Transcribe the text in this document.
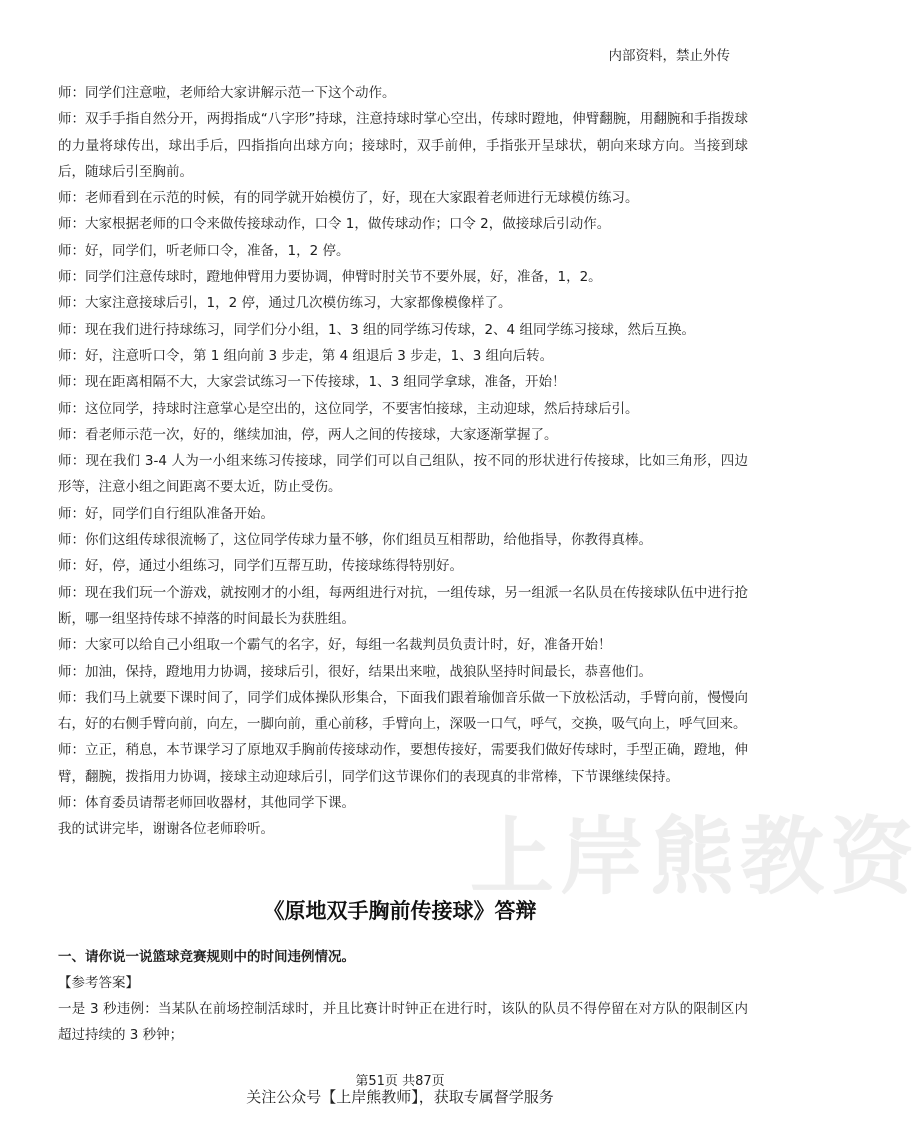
上岸熊教资
内部资料，禁止外传

师：同学们注意啦，老师给大家讲解示范一下这个动作。

师：双手手指自然分开，两拇指成“八字形”持球，注意持球时掌心空出，传球时蹬地，伸臂翻腕，用翻腕和手指拨球的力量将球传出，球出手后，四指指向出球方向；接球时，双手前伸，手指张开呈球状，朝向来球方向。当接到球后，随球后引至胸前。

师：老师看到在示范的时候，有的同学就开始模仿了，好，现在大家跟着老师进行无球模仿练习。

师：大家根据老师的口令来做传接球动作，口令 1，做传球动作；口令 2，做接球后引动作。

师：好，同学们，听老师口令，准备，1，2 停。

师：同学们注意传球时，蹬地伸臂用力要协调，伸臂时肘关节不要外展，好，准备，1，2。

师：大家注意接球后引，1，2 停，通过几次模仿练习，大家都像模像样了。

师：现在我们进行持球练习，同学们分小组，1、3 组的同学练习传球，2、4 组同学练习接球，然后互换。

师：好，注意听口令，第 1 组向前 3 步走，第 4 组退后 3 步走，1、3 组向后转。

师：现在距离相隔不大，大家尝试练习一下传接球，1、3 组同学拿球，准备，开始！

师：这位同学，持球时注意掌心是空出的，这位同学，不要害怕接球，主动迎球，然后持球后引。

师：看老师示范一次，好的，继续加油，停，两人之间的传接球，大家逐渐掌握了。

师：现在我们 3-4 人为一小组来练习传接球，同学们可以自己组队，按不同的形状进行传接球，比如三角形，四边形等，注意小组之间距离不要太近，防止受伤。

师：好，同学们自行组队准备开始。

师：你们这组传球很流畅了，这位同学传球力量不够，你们组员互相帮助，给他指导，你教得真棒。

师：好，停，通过小组练习，同学们互帮互助，传接球练得特别好。

师：现在我们玩一个游戏，就按刚才的小组，每两组进行对抗，一组传球，另一组派一名队员在传接球队伍中进行抢断，哪一组坚持传球不掉落的时间最长为获胜组。

师：大家可以给自己小组取一个霸气的名字，好，每组一名裁判员负责计时，好，准备开始！

师：加油，保持，蹬地用力协调，接球后引，很好，结果出来啦，战狼队坚持时间最长，恭喜他们。

师：我们马上就要下课时间了，同学们成体操队形集合，下面我们跟着瑜伽音乐做一下放松活动，手臂向前，慢慢向右，好的右侧手臂向前，向左，一脚向前，重心前移，手臂向上，深吸一口气，呼气，交换，吸气向上，呼气回来。

师：立正，稍息，本节课学习了原地双手胸前传接球动作，要想传接好，需要我们做好传球时，手型正确，蹬地，伸臂，翻腕，拨指用力协调，接球主动迎球后引，同学们这节课你们的表现真的非常棒，下节课继续保持。

师：体育委员请帮老师回收器材，其他同学下课。

我的试讲完毕，谢谢各位老师聆听。

《原地双手胸前传接球》答辩
一、请你说一说篮球竞赛规则中的时间违例情况。
【参考答案】
一是 3 秒违例：当某队在前场控制活球时，并且比赛计时钟正在进行时，该队的队员不得停留在对方队的限制区内超过持续的 3 秒钟；
第51页 共87页
关注公众号【上岸熊教师】，获取专属督学服务
